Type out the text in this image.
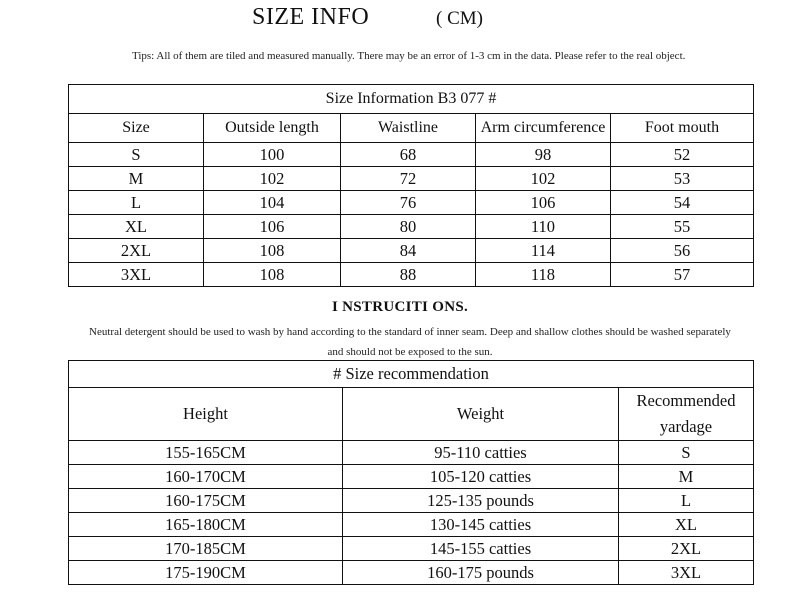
SIZE INFO	( CM)
Tips: All of them are tiled and measured manually. There may be an error of 1-3 cm in the data. Please refer to the real object.
Size Information B3 077 #				
Size	Outside length	Waistline	Arm circumference	Foot mouth
S	100	68	98	52
M	102	72	102	53
L	104	76	106	54
XL	106	80	110	55
2XL	108	84	114	56
3XL	108	88	118	57
I NSTRUCITI ONS.
Neutral detergent should be used to wash by hand according to the standard of inner seam. Deep and shallow clothes should be washed separately and should not be exposed to the sun.
# Size recommendation		
Height	Weight	Recommended yardage
155-165CM	95-110 catties	S
160-170CM	105-120 catties	M
160-175CM	125-135 pounds	L
165-180CM	130-145 catties	XL
170-185CM	145-155 catties	2XL
175-190CM	160-175 pounds	3XL
